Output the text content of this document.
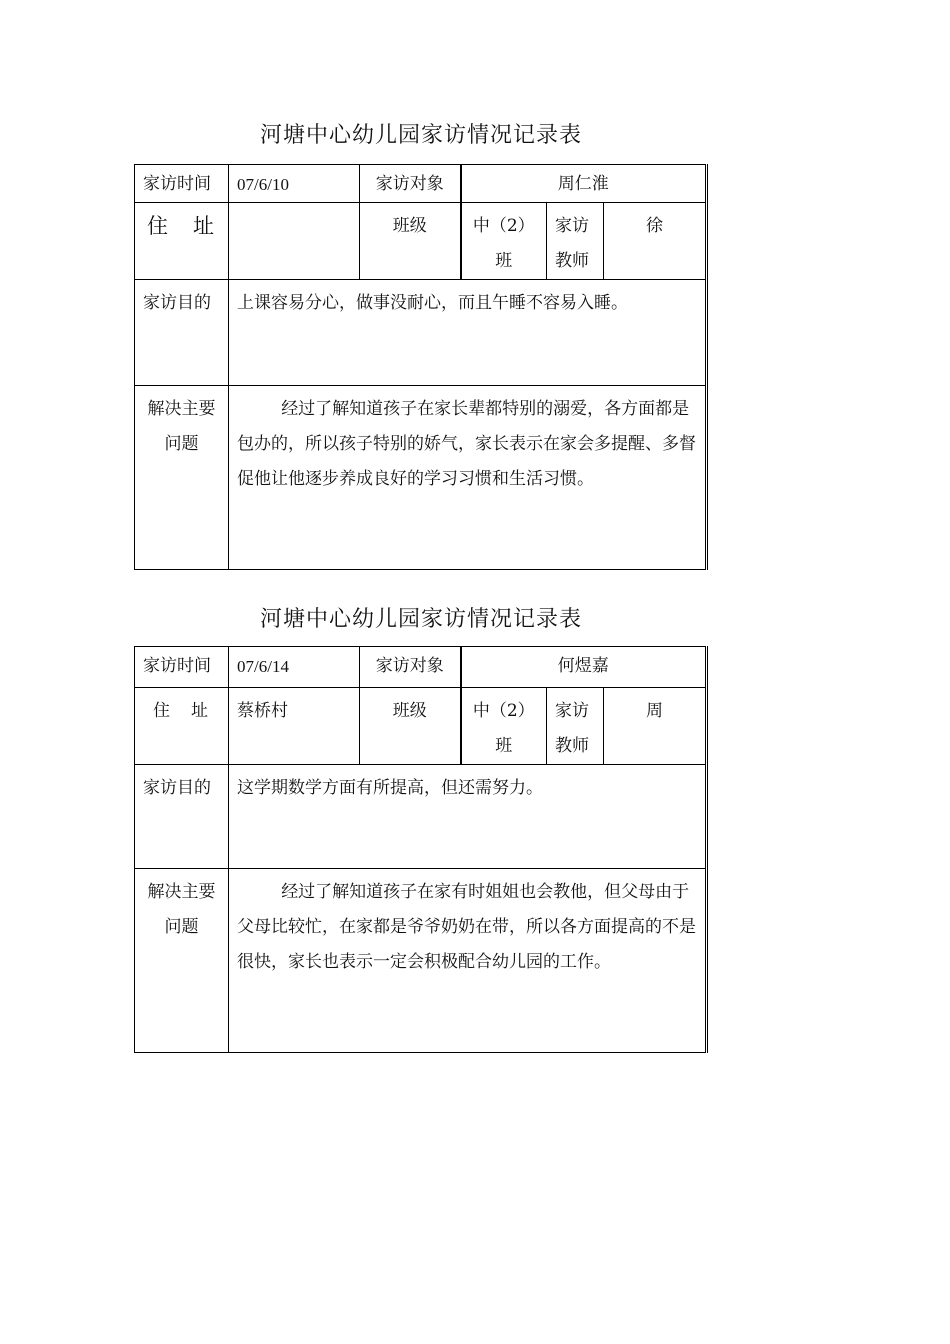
河塘中心幼儿园家访情况记录表
家访时间	07/6/10	家访对象	周仁淮		
住　址		班级	中（2）班	家访教师	徐
家访目的	上课容易分心，做事没耐心，而且午睡不容易入睡。				
解决主要问题	经过了解知道孩子在家长辈都特别的溺爱，各方面都是包办的，所以孩子特别的娇气，家长表示在家会多提醒、多督促他让他逐步养成良好的学习习惯和生活习惯。				
河塘中心幼儿园家访情况记录表
家访时间	07/6/14	家访对象	何煜嘉		
住　址	蔡桥村	班级	中（2）班	家访教师	周
家访目的	这学期数学方面有所提高，但还需努力。				
解决主要问题	经过了解知道孩子在家有时姐姐也会教他，但父母由于父母比较忙，在家都是爷爷奶奶在带，所以各方面提高的不是很快，家长也表示一定会积极配合幼儿园的工作。				
